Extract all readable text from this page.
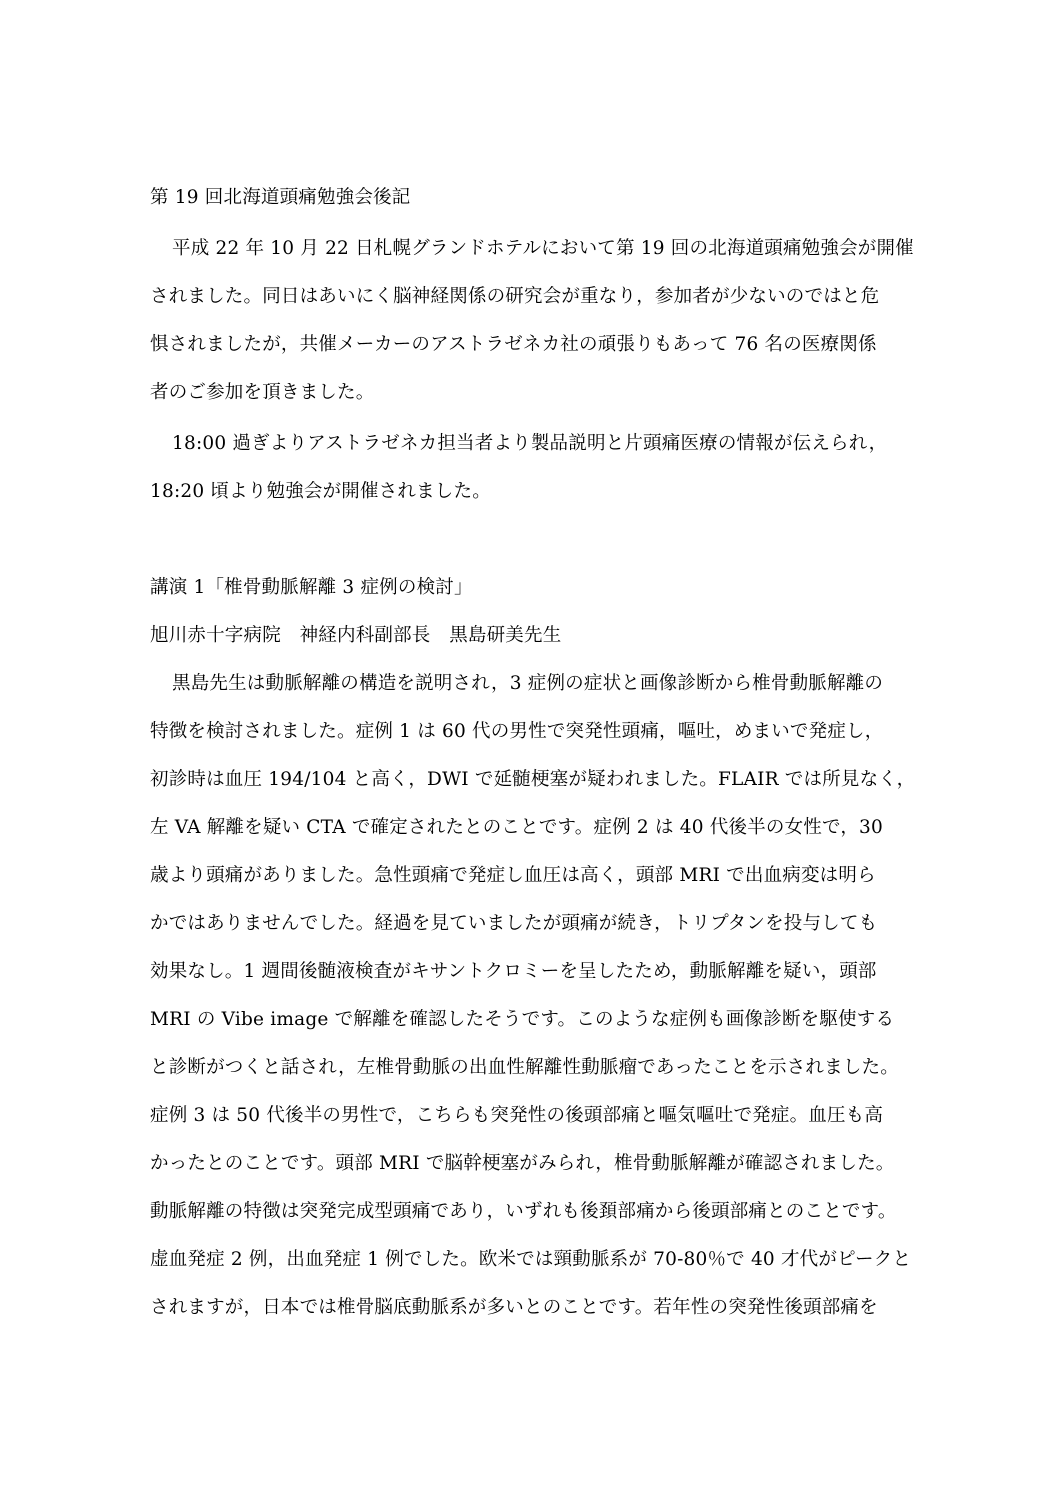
第 19 回北海道頭痛勉強会後記
平成 22 年 10 月 22 日札幌グランドホテルにおいて第 19 回の北海道頭痛勉強会が開催
されました。同日はあいにく脳神経関係の研究会が重なり，参加者が少ないのではと危
惧されましたが，共催メーカーのアストラゼネカ社の頑張りもあって 76 名の医療関係
者のご参加を頂きました。
18:00 過ぎよりアストラゼネカ担当者より製品説明と片頭痛医療の情報が伝えられ，
18:20 頃より勉強会が開催されました。
講演 1「椎骨動脈解離 3 症例の検討」
旭川赤十字病院　神経内科副部長　黒島研美先生
黒島先生は動脈解離の構造を説明され，3 症例の症状と画像診断から椎骨動脈解離の
特徴を検討されました。症例 1 は 60 代の男性で突発性頭痛，嘔吐，めまいで発症し，
初診時は血圧 194/104 と高く，DWI で延髄梗塞が疑われました。FLAIR では所見なく，
左 VA 解離を疑い CTA で確定されたとのことです。症例 2 は 40 代後半の女性で，30
歳より頭痛がありました。急性頭痛で発症し血圧は高く，頭部 MRI で出血病変は明ら
かではありませんでした。経過を見ていましたが頭痛が続き，トリプタンを投与しても
効果なし。1 週間後髄液検査がキサントクロミーを呈したため，動脈解離を疑い，頭部
MRI の Vibe image で解離を確認したそうです。このような症例も画像診断を駆使する
と診断がつくと話され，左椎骨動脈の出血性解離性動脈瘤であったことを示されました。
症例 3 は 50 代後半の男性で，こちらも突発性の後頭部痛と嘔気嘔吐で発症。血圧も高
かったとのことです。頭部 MRI で脳幹梗塞がみられ，椎骨動脈解離が確認されました。
動脈解離の特徴は突発完成型頭痛であり，いずれも後頚部痛から後頭部痛とのことです。
虚血発症 2 例，出血発症 1 例でした。欧米では頸動脈系が 70-80％で 40 才代がピークと
されますが，日本では椎骨脳底動脈系が多いとのことです。若年性の突発性後頭部痛を
